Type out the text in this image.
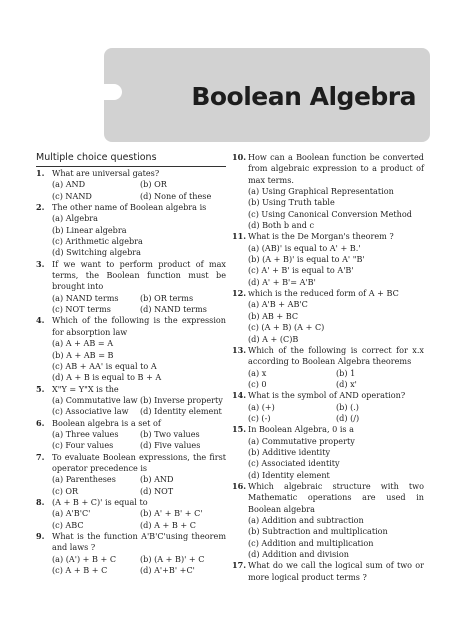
Boolean Algebra
Multiple choice questions
1. What are universal gates?
(a) AND	(b) OR
(c) NAND	(d) None of these
2. The other name of Boolean algebra is
(a) Algebra
(b) Linear algebra
(c) Arithmetic algebra
(d) Switching algebra
3. If we want to perform product of max terms, the Boolean function must be brought into
(a) NAND terms	(b) OR terms
(c) NOT terms	(d) NAND terms
4. Which of the following is the expression for absorption law
(a) A + AB = A
(b) A + AB = B
(c) AB + AA' is equal to A
(d) A + B is equal to B + A
5. X"Y = Y"X is the
(a) Commutative law (b) Inverse property
(c) Associative law	(d) Identity element
6. Boolean algebra is a set of
(a) Three values	(b) Two values
(c) Four values	(d) Five values
7. To evaluate Boolean expressions, the first operator precedence is
(a) Parentheses	(b) AND
(c) OR	(d) NOT
8. (A + B + C)' is equal to
(a) A'B'C'	(b) A' + B' + C'
(c) ABC	(d) A + B + C
9. What is the function A'B'C'using theorem and laws ?
(a) (A') + B + C	(b) (A + B)' + C
(c) A + B + C	(d) A'+B' +C'
10. How can a Boolean function be converted from algebraic expression to a product of max terms.
(a) Using Graphical Representation
(b) Using Truth table
(c) Using Canonical Conversion Method
(d) Both b and c
11. What is the De Morgan's theorem ?
(a) (AB)' is equal to A' + B.'
(b) (A + B)' is equal to A' "B'
(c) A' + B' is equal to A'B'
(d) A' + B'= A'B'
12. which is the reduced form of A + BC
(a) A'B + AB'C
(b) AB + BC
(c) (A + B) (A + C)
(d) A + (C)B
13. Which of the following is correct for x.x according to Boolean Algebra theorems
(a) x	(b) 1
(c) 0	(d) x'
14. What is the symbol of AND operation?
(a) (+)	(b) (.)
(c) (-)	(d) (/)
15. In Boolean Algebra, 0 is a
(a) Commutative property
(b) Additive identity
(c) Associated identity
(d) Identity element
16. Which algebraic structure with two Mathematic operations are used in Boolean algebra
(a) Addition and subtraction
(b) Subtraction and multiplication
(c) Addition and multiplication
(d) Addition and division
17. What do we call the logical sum of two or more logical product terms ?
